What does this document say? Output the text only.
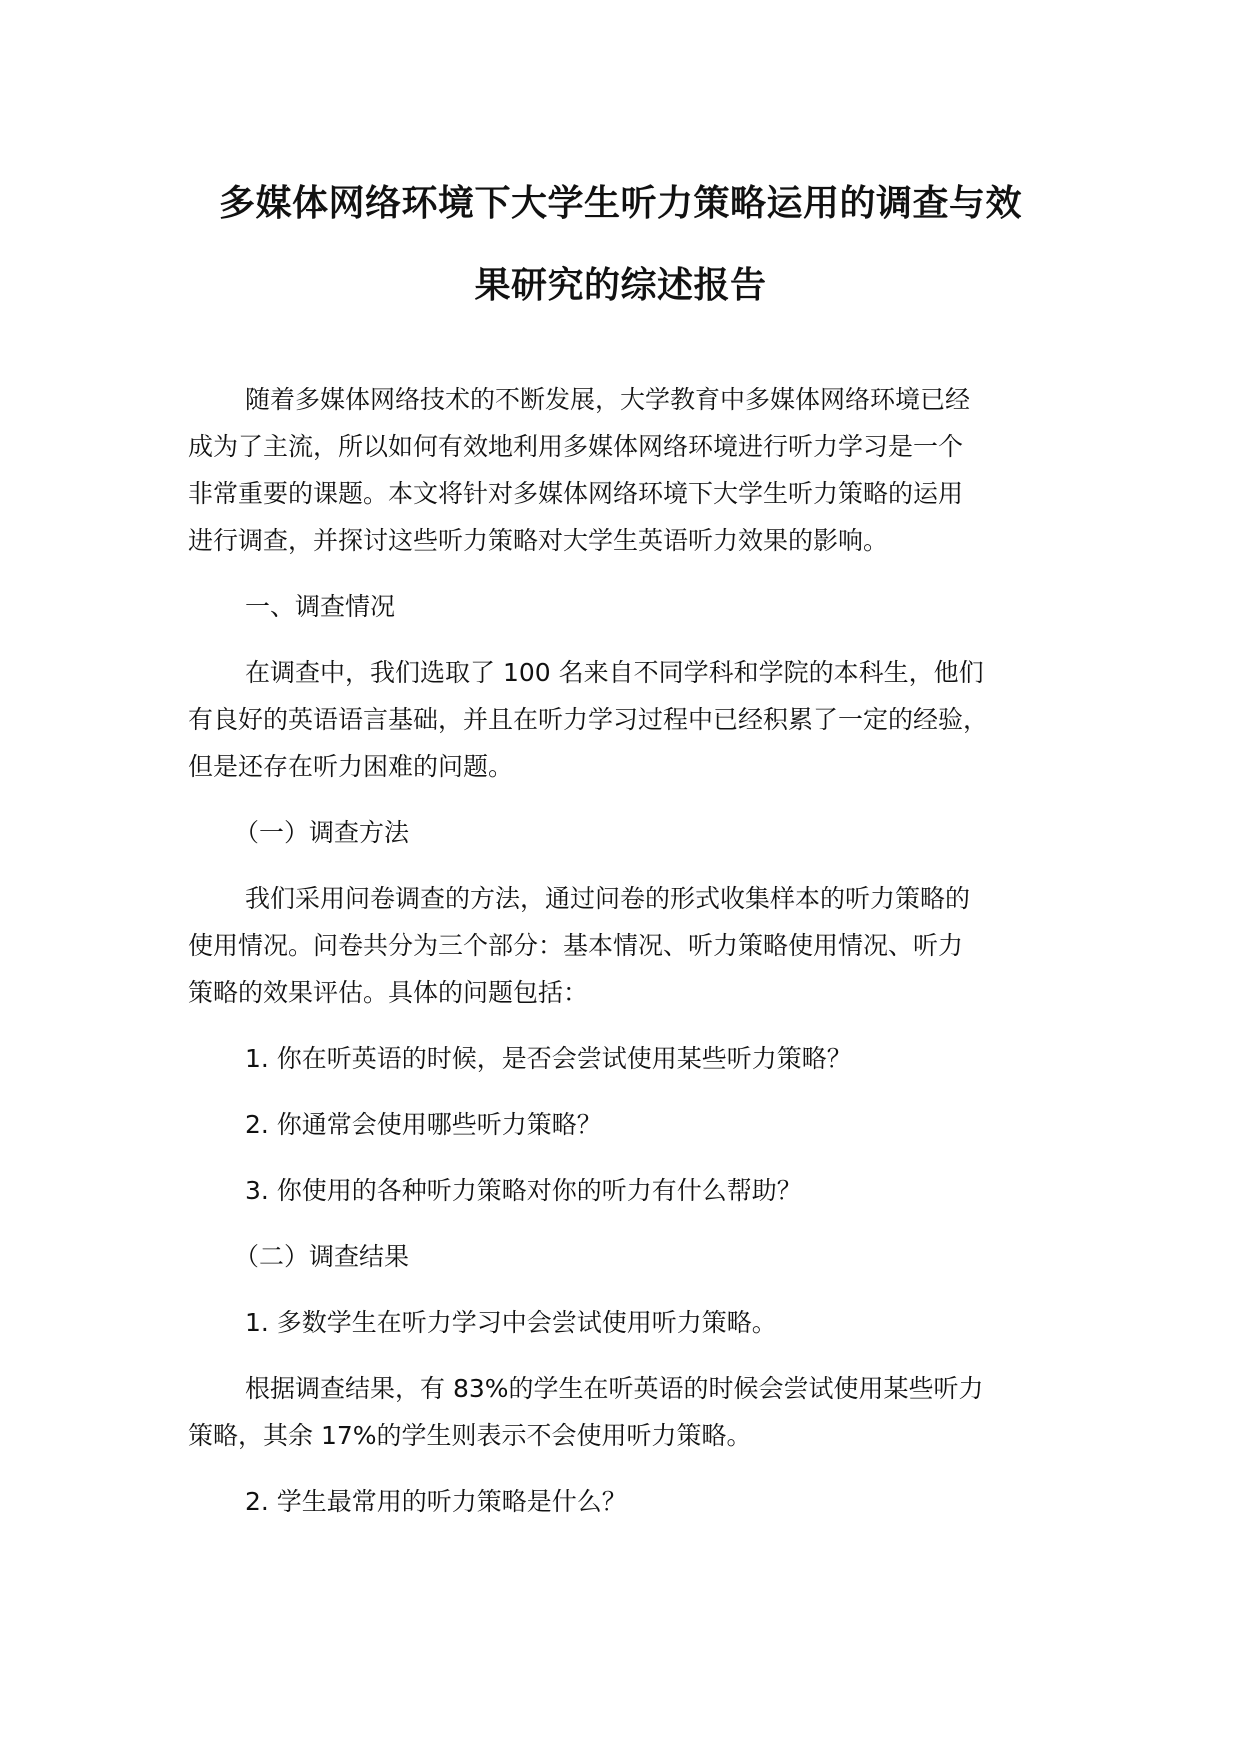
多媒体网络环境下大学生听力策略运用的调查与效
果研究的综述报告
随着多媒体网络技术的不断发展，大学教育中多媒体网络环境已经
成为了主流，所以如何有效地利用多媒体网络环境进行听力学习是一个
非常重要的课题。本文将针对多媒体网络环境下大学生听力策略的运用
进行调查，并探讨这些听力策略对大学生英语听力效果的影响。
一、调查情况
在调查中，我们选取了 100 名来自不同学科和学院的本科生，他们
有良好的英语语言基础，并且在听力学习过程中已经积累了一定的经验，
但是还存在听力困难的问题。
（一）调查方法
我们采用问卷调查的方法，通过问卷的形式收集样本的听力策略的
使用情况。问卷共分为三个部分：基本情况、听力策略使用情况、听力
策略的效果评估。具体的问题包括：
1. 你在听英语的时候，是否会尝试使用某些听力策略？
2. 你通常会使用哪些听力策略？
3. 你使用的各种听力策略对你的听力有什么帮助？
（二）调查结果
1. 多数学生在听力学习中会尝试使用听力策略。
根据调查结果，有 83%的学生在听英语的时候会尝试使用某些听力
策略，其余 17%的学生则表示不会使用听力策略。
2. 学生最常用的听力策略是什么？
